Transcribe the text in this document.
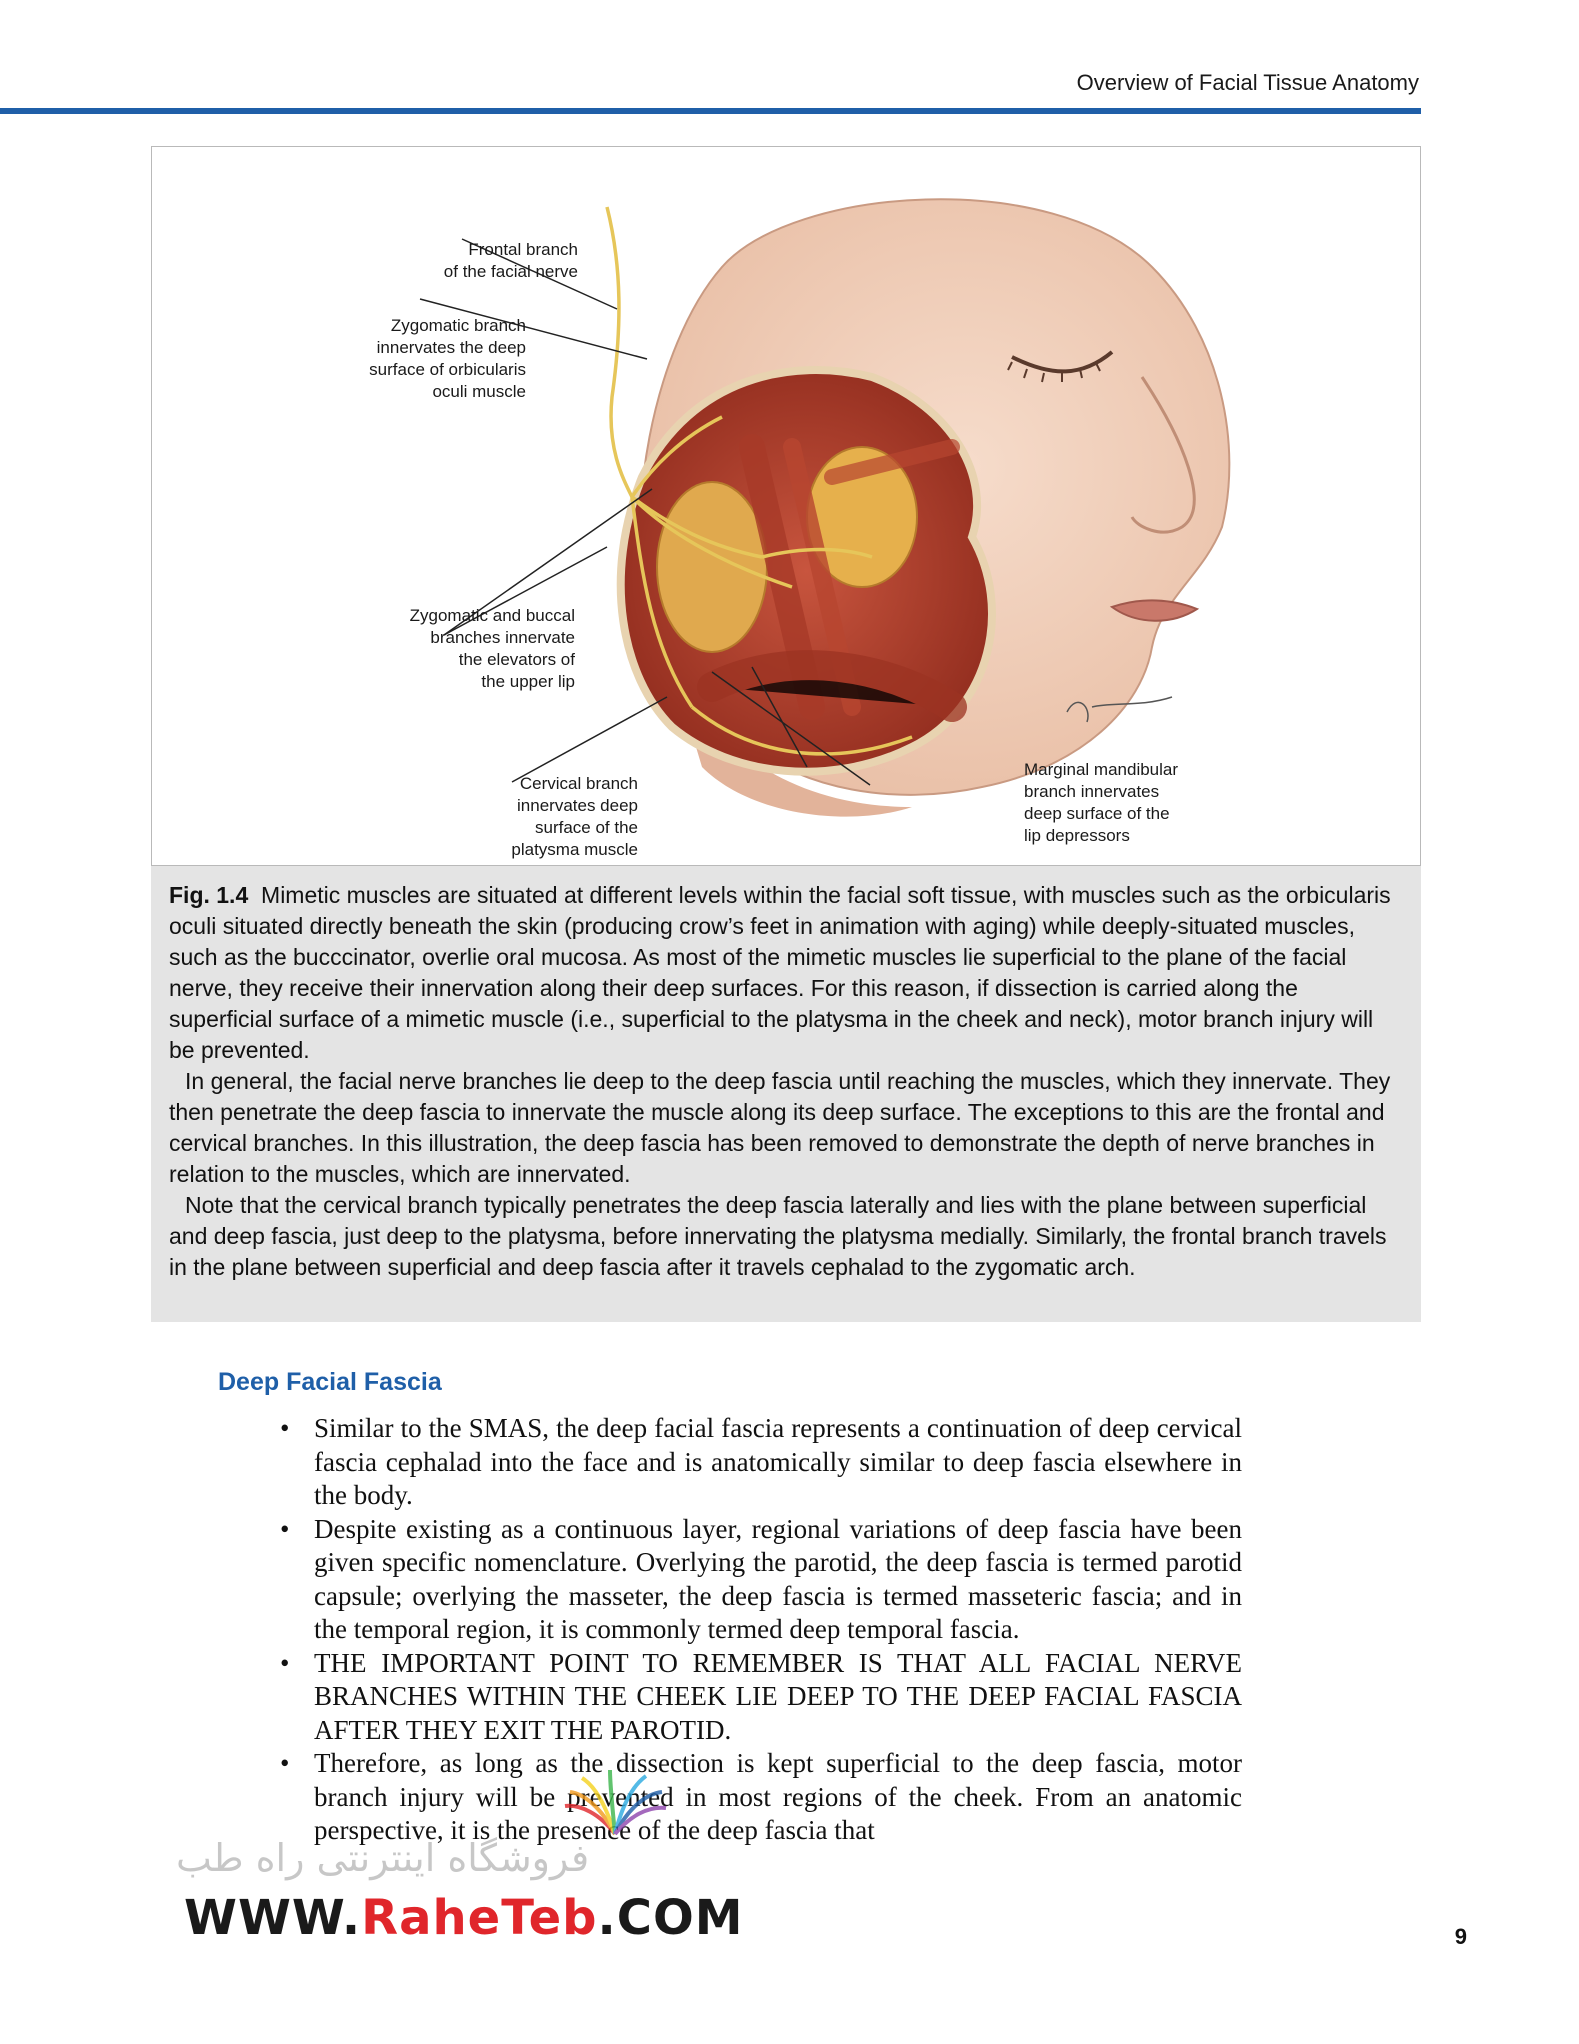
Overview of Facial Tissue Anatomy
Frontal branch
of the facial nerve
Zygomatic branch
innervates the deep
surface of orbicularis
oculi muscle
Zygomatic and buccal
branches innervate
the elevators of
the upper lip
Cervical branch
innervates deep
surface of the
platysma muscle
Marginal mandibular
branch innervates
deep surface of the
lip depressors

Fig. 1.4 Mimetic muscles are situated at different levels within the facial soft tissue, with muscles such as the orbicularis oculi situated directly beneath the skin (producing crow’s feet in animation with aging) while deeply-situated muscles, such as the bucccinator, overlie oral mucosa. As most of the mimetic muscles lie superficial to the plane of the facial nerve, they receive their innervation along their deep surfaces. For this reason, if dissection is carried along the superficial surface of a mimetic muscle (i.e., superficial to the platysma in the cheek and neck), motor branch injury will be prevented.

In general, the facial nerve branches lie deep to the deep fascia until reaching the muscles, which they innervate. They then penetrate the deep fascia to innervate the muscle along its deep surface. The exceptions to this are the frontal and cervical branches. In this illustration, the deep fascia has been removed to demonstrate the depth of nerve branches in relation to the muscles, which are innervated.

Note that the cervical branch typically penetrates the deep fascia laterally and lies with the plane between superficial and deep fascia, just deep to the platysma, before innervating the platysma medially. Similarly, the frontal branch travels in the plane between superficial and deep fascia after it travels cephalad to the zygomatic arch.

Deep Facial Fascia
• Similar to the SMAS, the deep facial fascia represents a continuation of deep cervical fascia cephalad into the face and is anatomically similar to deep fascia elsewhere in the body.
• Despite existing as a continuous layer, regional variations of deep fascia have been given specific nomenclature. Overlying the parotid, the deep fascia is termed parotid capsule; overlying the masseter, the deep fascia is termed masseteric fascia; and in the temporal region, it is commonly termed deep temporal fascia.
• THE IMPORTANT POINT TO REMEMBER IS THAT ALL FACIAL NERVE BRANCHES WITHIN THE CHEEK LIE DEEP TO THE DEEP FACIAL FASCIA AFTER THEY EXIT THE PAROTID.
• Therefore, as long as the dissection is kept superficial to the deep fascia, motor branch injury will be prevented in most regions of the cheek. From an anatomic perspective, it is the presence of the deep fascia that
9
فروشگاه اینترنتی راه طب
WWW.RaheTeb.COM
